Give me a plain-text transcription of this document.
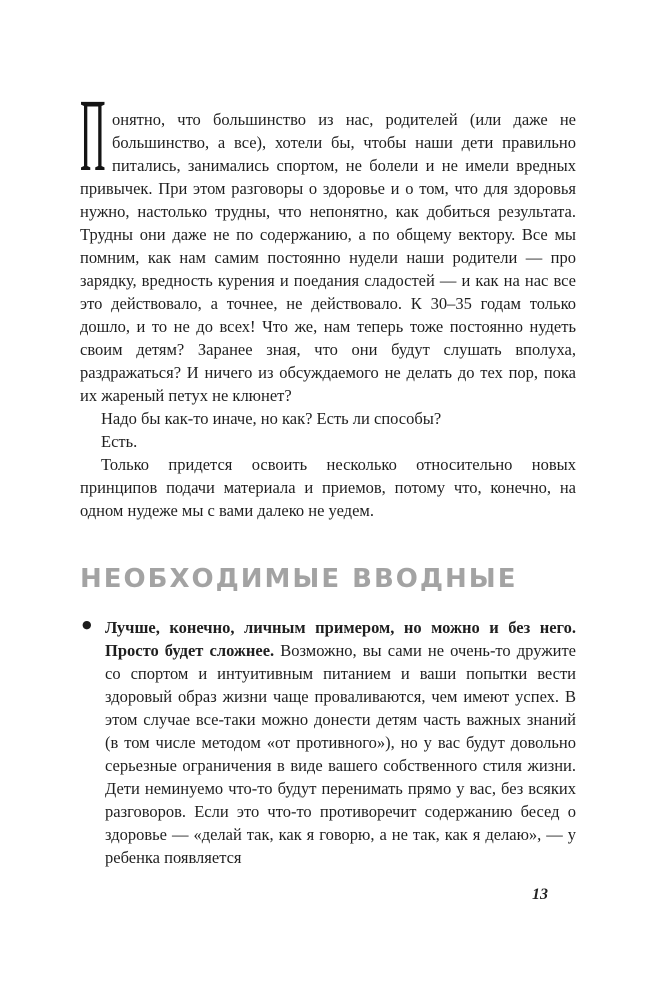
П онятно, что большинство из нас, родителей (или даже не большинство, а все), хотели бы, чтобы наши дети правильно питались, занимались спортом, не болели и не имели вредных привычек. При этом разговоры о здоровье и о том, что для здоровья нужно, настолько трудны, что непонятно, как добиться результата. Трудны они даже не по содержанию, а по общему вектору. Все мы помним, как нам самим постоянно нудели наши родители — про зарядку, вредность курения и поедания сладостей — и как на нас все это действовало, а точнее, не действовало. К 30–35 годам только дошло, и то не до всех! Что же, нам теперь тоже постоянно нудеть своим детям? Заранее зная, что они будут слушать вполуха, раздражаться? И ничего из обсуждаемого не делать до тех пор, пока их жареный петух не клюнет?

Надо бы как-то иначе, но как? Есть ли способы?

Есть.

Только придется освоить несколько относительно новых принципов подачи материала и приемов, потому что, конечно, на одном нудеже мы с вами далеко не уедем.

НЕОБХОДИМЫЕ ВВОДНЫЕ
● Лучше, конечно, личным примером, но можно и без него. Просто будет сложнее. Возможно, вы сами не очень-то дружите со спортом и интуитивным питанием и ваши попытки вести здоровый образ жизни чаще проваливаются, чем имеют успех. В этом случае все-таки можно донести детям часть важных знаний (в том числе методом «от противного»), но у вас будут довольно серьезные ограничения в виде вашего собственного стиля жизни. Дети неминуемо что-то будут перенимать прямо у вас, без всяких разговоров. Если это что-то противоречит содержанию бесед о здоровье — «делай так, как я говорю, а не так, как я делаю», — у ребенка появляется

13
